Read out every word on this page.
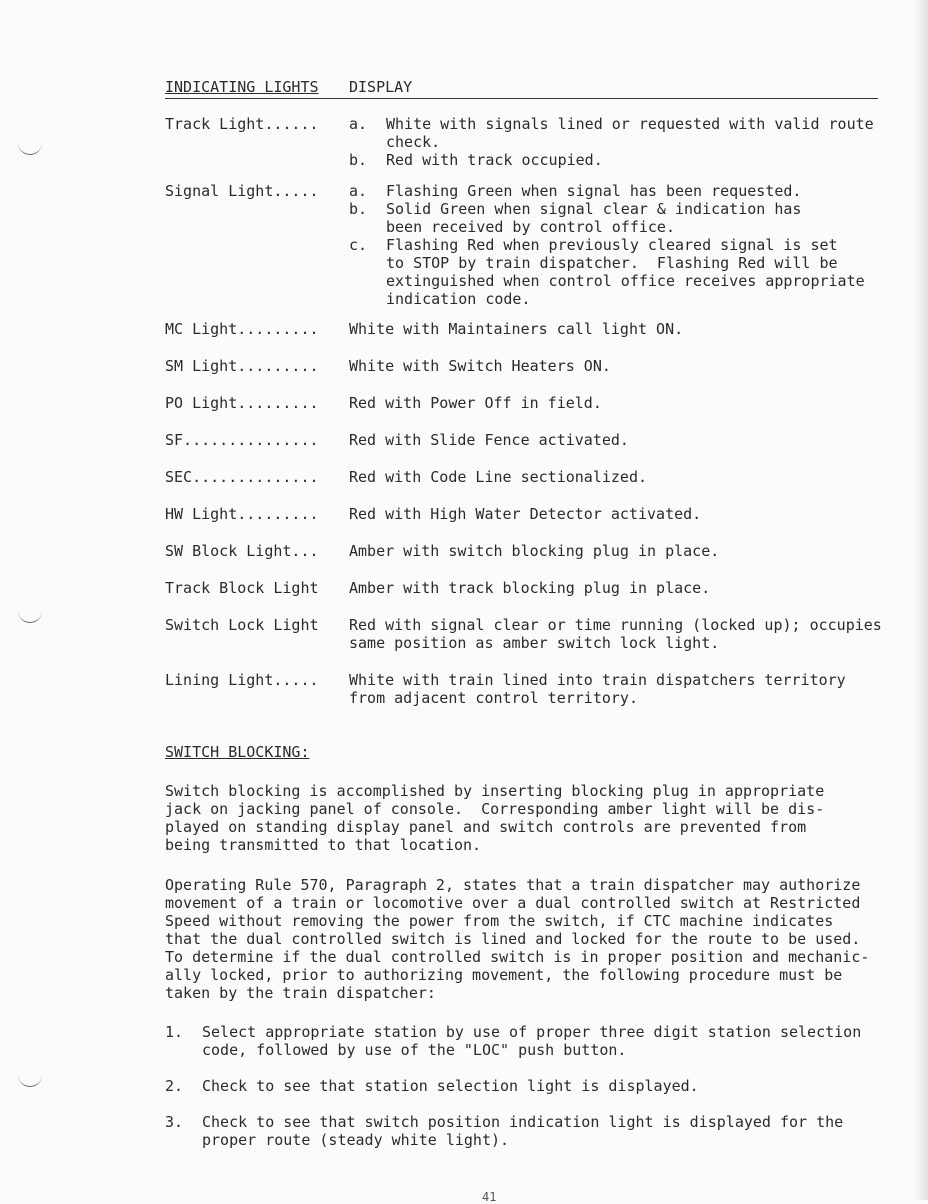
INDICATING LIGHTS DISPLAY
Track Light......	a.	White with signals lined or requested with valid route
check.
b.	Red with track occupied.
Signal Light.....	a.	Flashing Green when signal has been requested.
b.	Solid Green when signal clear & indication has
been received by control office.
c.	Flashing Red when previously cleared signal is set
to STOP by train dispatcher.  Flashing Red will be
extinguished when control office receives appropriate
indication code.
MC Light.........	White with Maintainers call light ON.
SM Light.........	White with Switch Heaters ON.
PO Light.........	Red with Power Off in field.
SF...............	Red with Slide Fence activated.
SEC..............	Red with Code Line sectionalized.
HW Light.........	Red with High Water Detector activated.
SW Block Light...	Amber with switch blocking plug in place.
Track Block Light	Amber with track blocking plug in place.
Switch Lock Light	Red with signal clear or time running (locked up); occupies
same position as amber switch lock light.
Lining Light.....	White with train lined into train dispatchers territory
from adjacent control territory.
SWITCH BLOCKING:
Switch blocking is accomplished by inserting blocking plug in appropriate
jack on jacking panel of console.  Corresponding amber light will be dis-
played on standing display panel and switch controls are prevented from
being transmitted to that location.
Operating Rule 570, Paragraph 2, states that a train dispatcher may authorize
movement of a train or locomotive over a dual controlled switch at Restricted
Speed without removing the power from the switch, if CTC machine indicates
that the dual controlled switch is lined and locked for the route to be used.
To determine if the dual controlled switch is in proper position and mechanic-
ally locked, prior to authorizing movement, the following procedure must be
taken by the train dispatcher:
1.	Select appropriate station by use of proper three digit station selection
code, followed by use of the "LOC" push button.
2.	Check to see that station selection light is displayed.
3.	Check to see that switch position indication light is displayed for the
proper route (steady white light).
41
